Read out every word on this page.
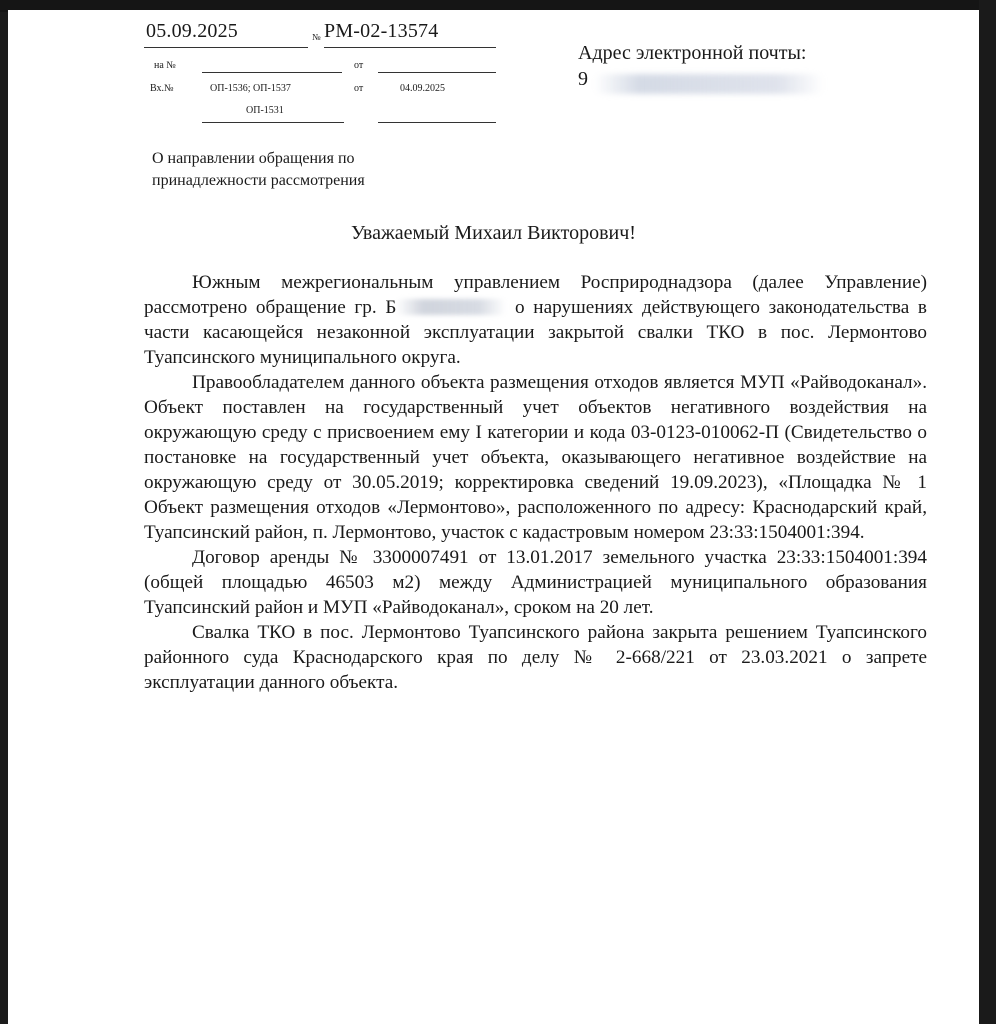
05.09.2025	№ РМ-02-13574
на №	от
Вх.№	ОП-1536; ОП-1537	от	04.09.2025
ОП-1531
Адрес электронной почты:
9
О направлении обращения по
принадлежности рассмотрения
Уважаемый Михаил Викторович!

Южным межрегиональным управлением Росприроднадзора (далее Управление) рассмотрено обращение гр. Б	о нарушениях действующего законодательства в части касающейся незаконной эксплуатации закрытой свалки ТКО в пос. Лермонтово Туапсинского муниципального округа.

Правообладателем данного объекта размещения отходов является МУП «Райводоканал». Объект поставлен на государственный учет объектов негативного воздействия на окружающую среду с присвоением ему I категории и кода 03-0123-010062-П (Свидетельство о постановке на государственный учет объекта, оказывающего негативное воздействие на окружающую среду от 30.05.2019; корректировка сведений 19.09.2023), «Площадка № 1 Объект размещения отходов «Лермонтово», расположенного по адресу: Краснодарский край, Туапсинский район, п. Лермонтово, участок с кадастровым номером 23:33:1504001:394.

Договор аренды № 3300007491 от 13.01.2017 земельного участка 23:33:1504001:394 (общей площадью 46503 м2) между Администрацией муниципального образования Туапсинский район и МУП «Райводоканал», сроком на 20 лет.

Свалка ТКО в пос. Лермонтово Туапсинского района закрыта решением Туапсинского районного суда Краснодарского края по делу № 2-668/221 от 23.03.2021 о запрете эксплуатации данного объекта.
